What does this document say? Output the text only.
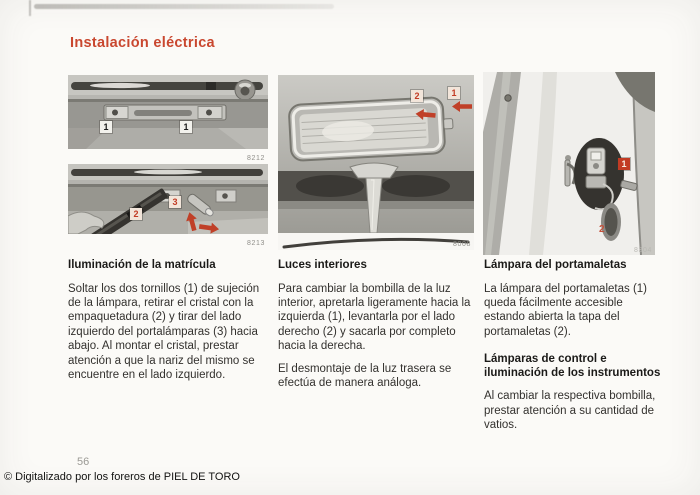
Instalación eléctrica
1	1
8212
2
3
8213
2	1
8008
1
2
8304
Iluminación de la matrícula

Soltar los dos tornillos (1) de sujeción de la lámpara, retirar el cristal con la empaquetadura (2) y tirar del lado izquierdo del portalámparas (3) hacia abajo. Al montar el cristal, prestar atención a que la nariz del mismo se encuentre en el lado izquierdo.

Luces interiores

Para cambiar la bombilla de la luz interior, apretarla ligeramente hacia la izquierda (1), levantarla por el lado derecho (2) y sacarla por completo hacia la derecha.

El desmontaje de la luz trasera se efectúa de manera análoga.

Lámpara del portamaletas

La lámpara del portamaletas (1) queda fácilmente accesible estando abierta la tapa del portamaletas (2).

Lámparas de control e iluminación de los instrumentos

Al cambiar la respectiva bombilla, prestar atención a su cantidad de vatios.

56
© Digitalizado por los foreros de PIEL DE TORO
